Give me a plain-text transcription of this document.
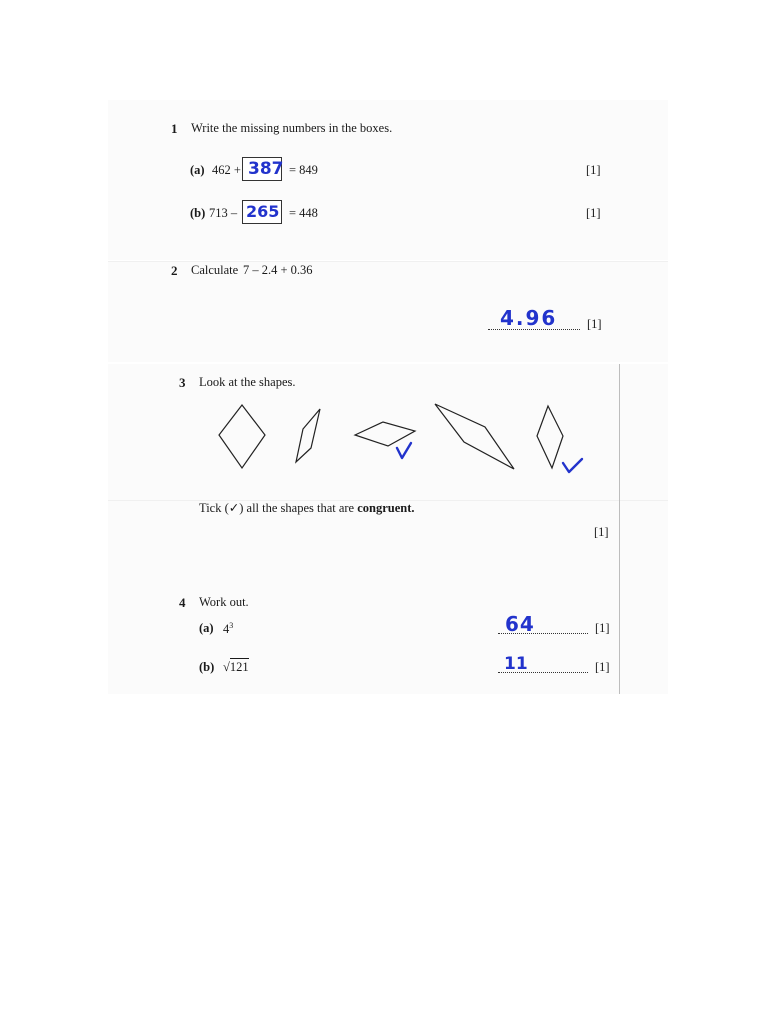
1 Write the missing numbers in the boxes.
(a) 462 + 387 = 849	[1]
(b) 713 – 265 = 448	[1]
2 Calculate 7 – 2.4 + 0.36
4.96 [1]
3 Look at the shapes.
Tick (✓) all the shapes that are congruent.
[1]
4 Work out.
(a) $4^3$	64	[1]
(b) √121	11	[1]
